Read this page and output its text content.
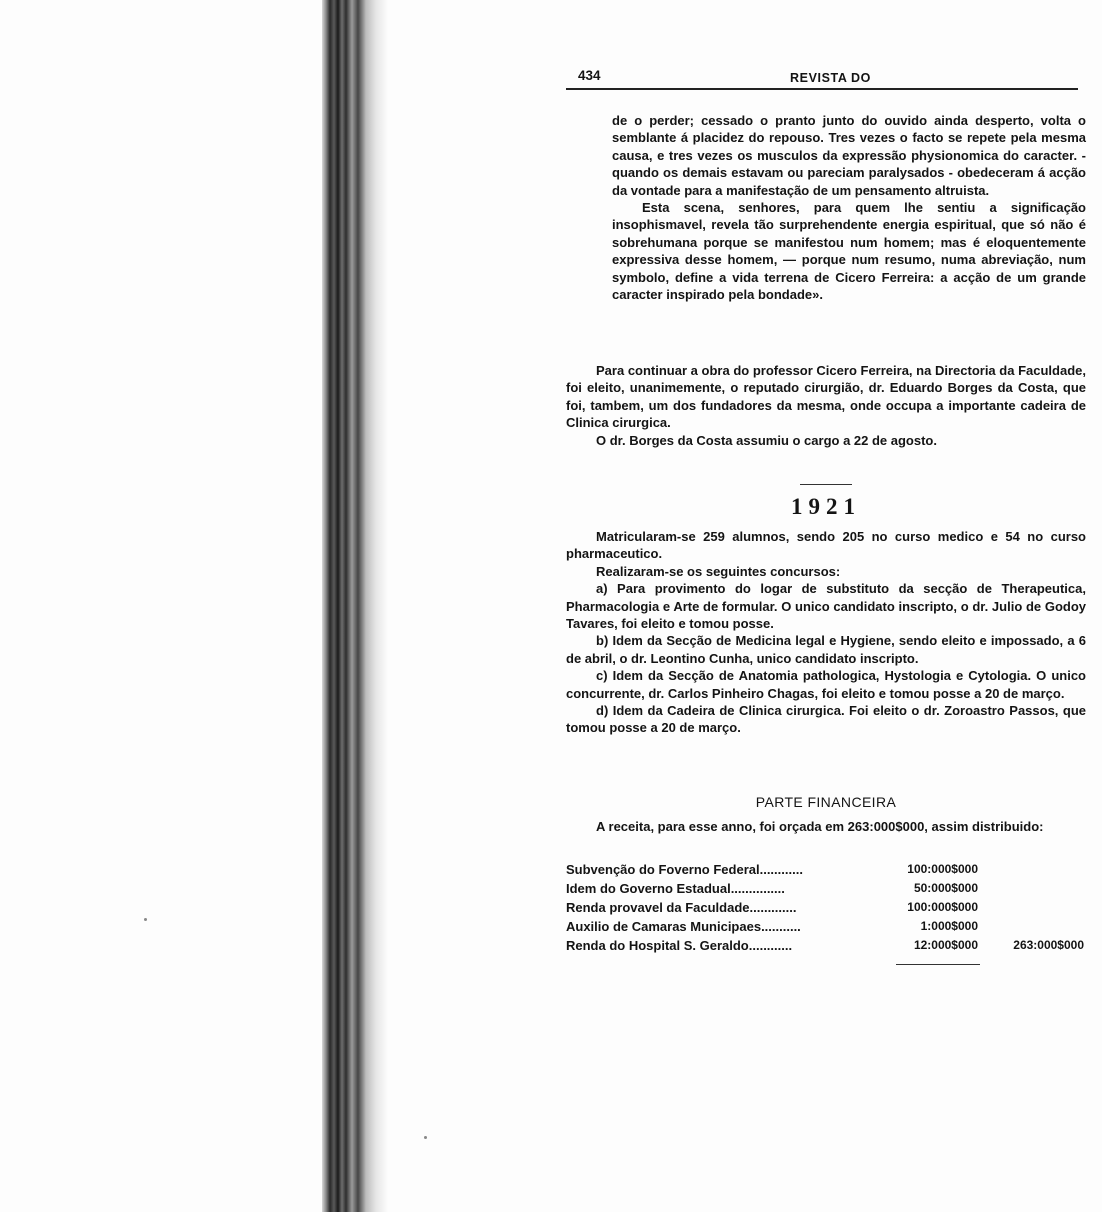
434	REVISTA DO

de o perder; cessado o pranto junto do ouvido ainda desperto, volta o semblante á placidez do repouso. Tres vezes o facto se repete pela mesma causa, e tres vezes os musculos da expressão physionomica do caracter. - quando os demais estavam ou pareciam paralysados - obedeceram á acção da vontade para a manifestação de um pensamento altruista.

Esta scena, senhores, para quem lhe sentiu a significação insophismavel, revela tão surprehendente energia espiritual, que só não é sobrehumana porque se manifestou num homem; mas é eloquentemente expressiva desse homem, — porque num resumo, numa abreviação, num symbolo, define a vida terrena de Cicero Ferreira: a acção de um grande caracter inspirado pela bondade».

Para continuar a obra do professor Cicero Ferreira, na Directoria da Faculdade, foi eleito, unanimemente, o reputado cirurgião, dr. Eduardo Borges da Costa, que foi, tambem, um dos fundadores da mesma, onde occupa a importante cadeira de Clinica cirurgica.

O dr. Borges da Costa assumiu o cargo a 22 de agosto.

1921

Matricularam-se 259 alumnos, sendo 205 no curso medico e 54 no curso pharmaceutico.

Realizaram-se os seguintes concursos:

a) Para provimento do logar de substituto da secção de Therapeutica, Pharmacologia e Arte de formular. O unico candidato inscripto, o dr. Julio de Godoy Tavares, foi eleito e tomou posse.

b) Idem da Secção de Medicina legal e Hygiene, sendo eleito e impossado, a 6 de abril, o dr. Leontino Cunha, unico candidato inscripto.

c) Idem da Secção de Anatomia pathologica, Hystologia e Cytologia. O unico concurrente, dr. Carlos Pinheiro Chagas, foi eleito e tomou posse a 20 de março.

d) Idem da Cadeira de Clinica cirurgica. Foi eleito o dr. Zoroastro Passos, que tomou posse a 20 de março.

PARTE FINANCEIRA

A receita, para esse anno, foi orçada em 263:000$000, assim distribuido:

Subvenção do Foverno Federal............	100:000$000
Idem do Governo Estadual...............	50:000$000
Renda provavel da Faculdade.............	100:000$000
Auxilio de Camaras Municipaes...........	1:000$000
Renda do Hospital S. Geraldo............	12:000$000	263:000$000
